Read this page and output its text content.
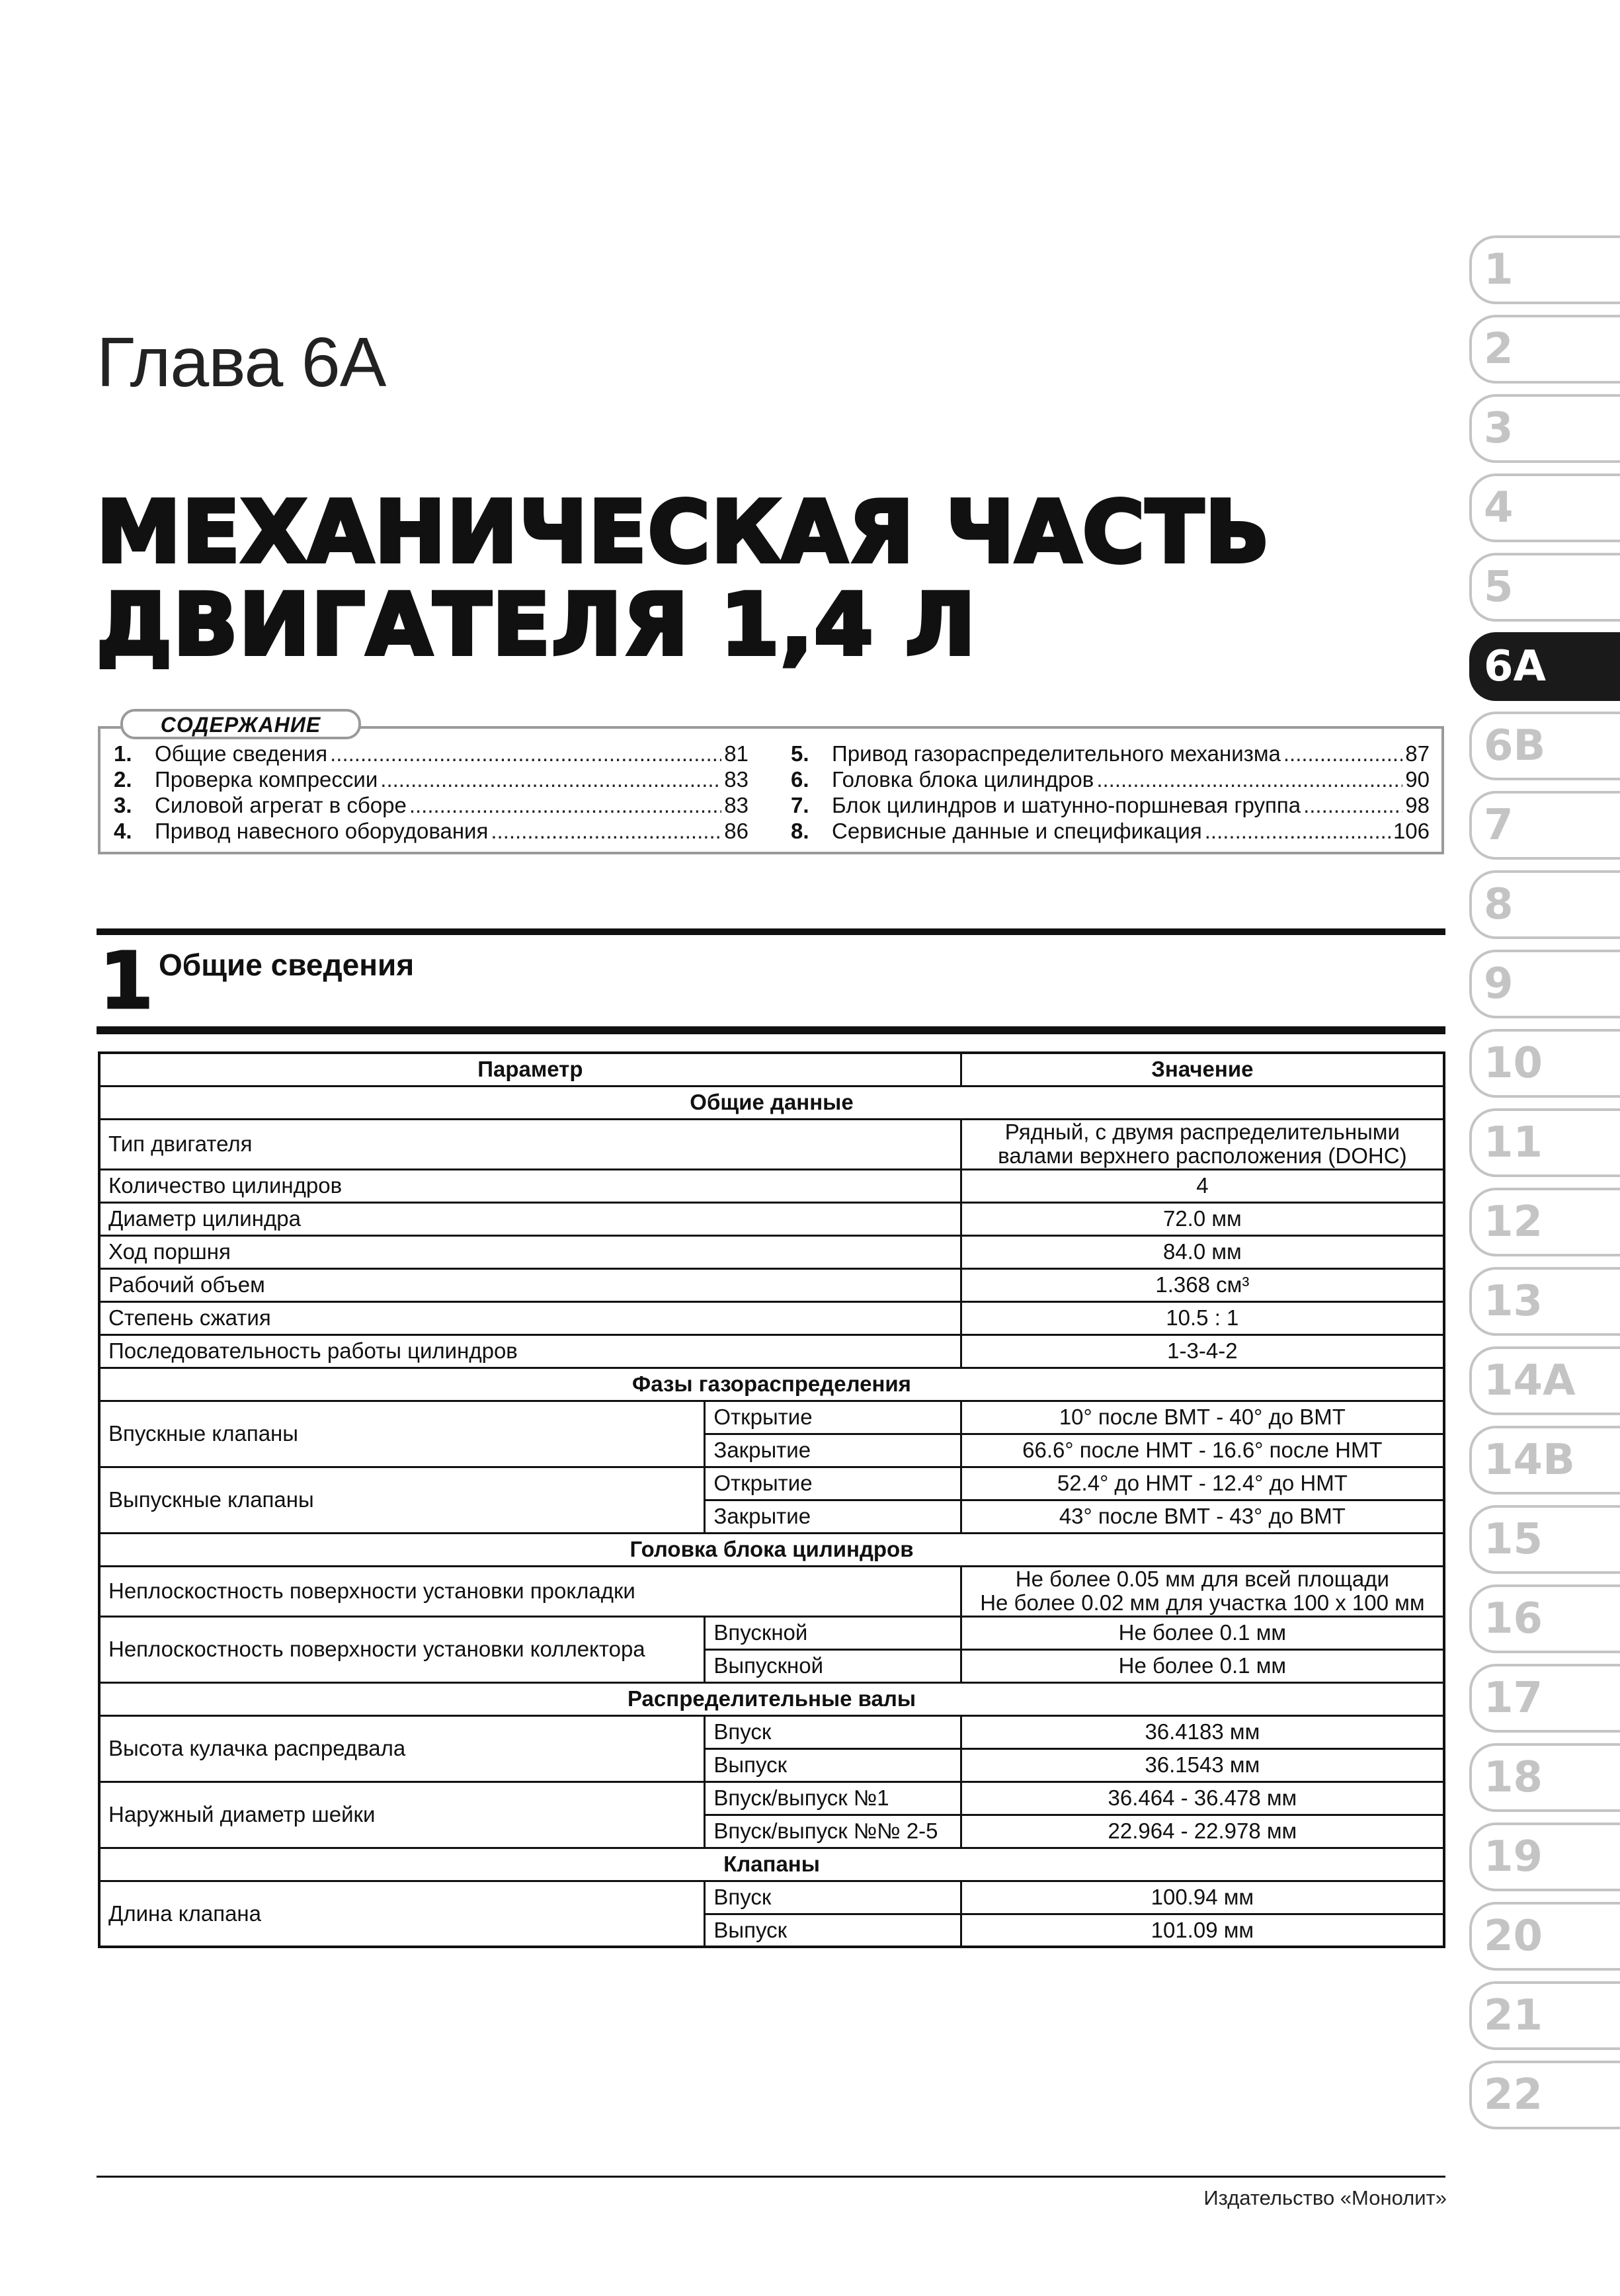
Глава 6А
МЕХАНИЧЕСКАЯ ЧАСТЬ
ДВИГАТЕЛЯ 1,4 Л
СОДЕРЖАНИЕ
1.	Общие сведения .....	81
2.	Проверка компрессии .....	83
3.	Силовой агрегат в сборе .....	83
4.	Привод навесного оборудования .....	86
5.	Привод газораспределительного механизма .....	87
6.	Головка блока цилиндров .....	90
7.	Блок цилиндров и шатунно-поршневая группа .....	98
8.	Сервисные данные и спецификация .....	106
1 Общие сведения
Параметр		Значение
Общие данные		
Тип двигателя		Рядный, с двумя распределительными
валами верхнего расположения (DOHC)
Количество цилиндров		4
Диаметр цилиндра		72.0 мм
Ход поршня		84.0 мм
Рабочий объем		1.368 см³
Степень сжатия		10.5 : 1
Последовательность работы цилиндров		1-3-4-2
Фазы газораспределения		
Впускные клапаны	Открытие	10° после ВМТ - 40° до ВМТ
	Закрытие	66.6° после НМТ - 16.6° после НМТ
Выпускные клапаны	Открытие	52.4° до НМТ - 12.4° до НМТ
	Закрытие	43° после ВМТ - 43° до ВМТ
Головка блока цилиндров		
Неплоскостность поверхности установки прокладки		Не более 0.05 мм для всей площади
Не более 0.02 мм для участка 100 х 100 мм
Неплоскостность поверхности установки коллектора	Впускной	Не более 0.1 мм
	Выпускной	Не более 0.1 мм
Распределительные валы		
Высота кулачка распредвала	Впуск	36.4183 мм
	Выпуск	36.1543 мм
Наружный диаметр шейки	Впуск/выпуск №1	36.464 - 36.478 мм
	Впуск/выпуск №№ 2-5	22.964 - 22.978 мм
Клапаны		
Длина клапана	Впуск	100.94 мм
	Выпуск	101.09 мм
1
2
3
4
5
6A
6B
7
8
9
10
11
12
13
14A
14B
15
16
17
18
19
20
21
22
Издательство «Монолит»
